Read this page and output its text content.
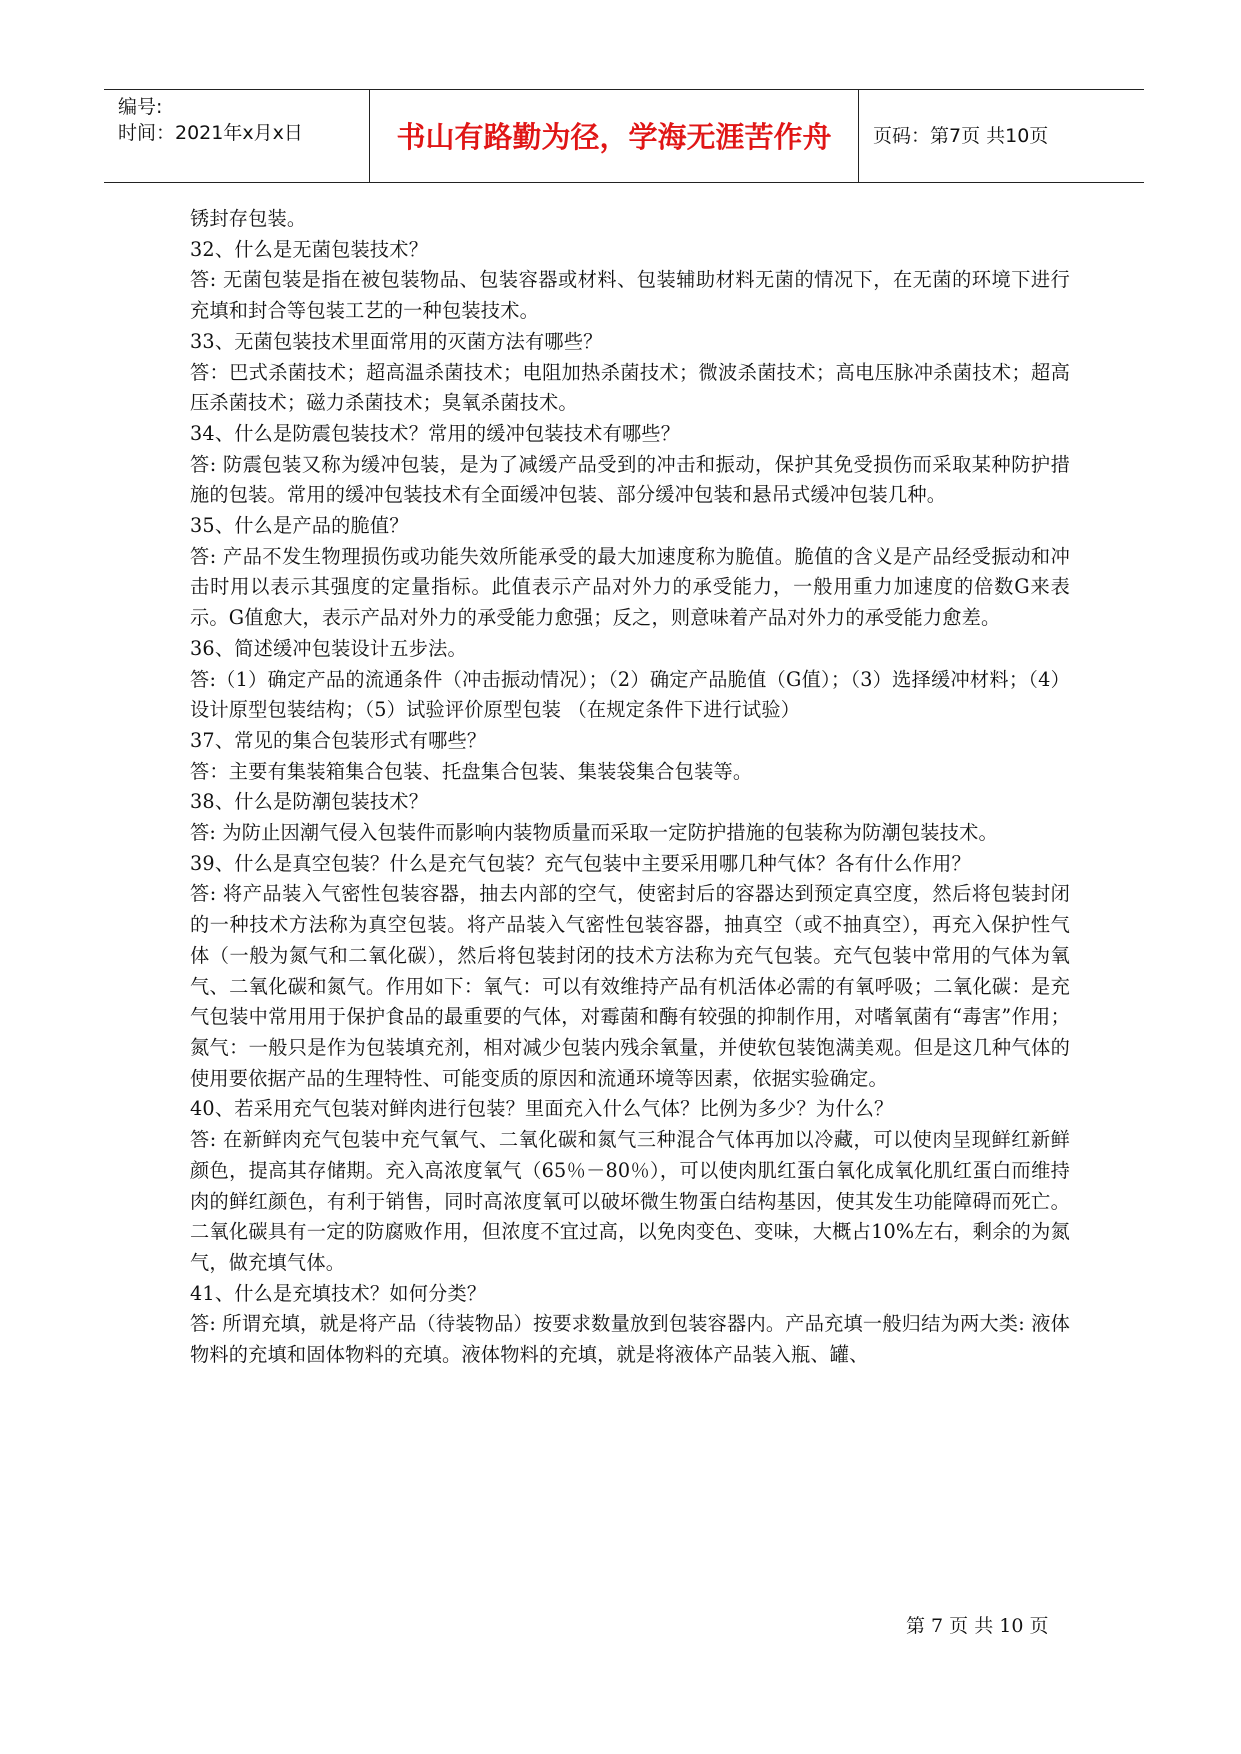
编号:
时间：2021年x月x日	书山有路勤为径，学海无涯苦作舟	页码：第7页 共10页

锈封存包装。

32、什么是无菌包装技术？

答: 无菌包装是指在被包装物品、包装容器或材料、包装辅助材料无菌的情况下，在无菌的环境下进行充填和封合等包装工艺的一种包装技术。

33、无菌包装技术里面常用的灭菌方法有哪些？

答：巴式杀菌技术；超高温杀菌技术；电阻加热杀菌技术；微波杀菌技术；高电压脉冲杀菌技术；超高压杀菌技术；磁力杀菌技术；臭氧杀菌技术。

34、什么是防震包装技术？常用的缓冲包装技术有哪些？

答: 防震包装又称为缓冲包装，是为了减缓产品受到的冲击和振动，保护其免受损伤而采取某种防护措施的包装。常用的缓冲包装技术有全面缓冲包装、部分缓冲包装和悬吊式缓冲包装几种。

35、什么是产品的脆值？

答: 产品不发生物理损伤或功能失效所能承受的最大加速度称为脆值。脆值的含义是产品经受振动和冲击时用以表示其强度的定量指标。此值表示产品对外力的承受能力，一般用重力加速度的倍数G来表示。G值愈大，表示产品对外力的承受能力愈强；反之，则意味着产品对外力的承受能力愈差。

36、简述缓冲包装设计五步法。

答:（1）确定产品的流通条件（冲击振动情况）；（2）确定产品脆值（G值）；（3）选择缓冲材料；（4）设计原型包装结构；（5）试验评价原型包装 （在规定条件下进行试验）

37、常见的集合包装形式有哪些？

答：主要有集装箱集合包装、托盘集合包装、集装袋集合包装等。

38、什么是防潮包装技术？

答: 为防止因潮气侵入包装件而影响内装物质量而采取一定防护措施的包装称为防潮包装技术。

39、什么是真空包装？什么是充气包装？充气包装中主要采用哪几种气体？各有什么作用？

答: 将产品装入气密性包装容器，抽去内部的空气，使密封后的容器达到预定真空度，然后将包装封闭的一种技术方法称为真空包装。将产品装入气密性包装容器，抽真空（或不抽真空），再充入保护性气体（一般为氮气和二氧化碳），然后将包装封闭的技术方法称为充气包装。充气包装中常用的气体为氧气、二氧化碳和氮气。作用如下：氧气：可以有效维持产品有机活体必需的有氧呼吸；二氧化碳：是充气包装中常用用于保护食品的最重要的气体，对霉菌和酶有较强的抑制作用，对嗜氧菌有“毒害”作用；氮气：一般只是作为包装填充剂，相对减少包装内残余氧量，并使软包装饱满美观。但是这几种气体的使用要依据产品的生理特性、可能变质的原因和流通环境等因素，依据实验确定。

40、若采用充气包装对鲜肉进行包装？里面充入什么气体？比例为多少？为什么？

答: 在新鲜肉充气包装中充气氧气、二氧化碳和氮气三种混合气体再加以冷藏，可以使肉呈现鲜红新鲜颜色，提高其存储期。充入高浓度氧气（65％－80％），可以使肉肌红蛋白氧化成氧化肌红蛋白而维持肉的鲜红颜色，有利于销售，同时高浓度氧可以破坏微生物蛋白结构基因，使其发生功能障碍而死亡。二氧化碳具有一定的防腐败作用，但浓度不宜过高，以免肉变色、变味，大概占10%左右，剩余的为氮气，做充填气体。

41、什么是充填技术？如何分类？

答: 所谓充填，就是将产品（待装物品）按要求数量放到包装容器内。产品充填一般归结为两大类: 液体物料的充填和固体物料的充填。液体物料的充填，就是将液体产品装入瓶、罐、

第 7 页 共 10 页
